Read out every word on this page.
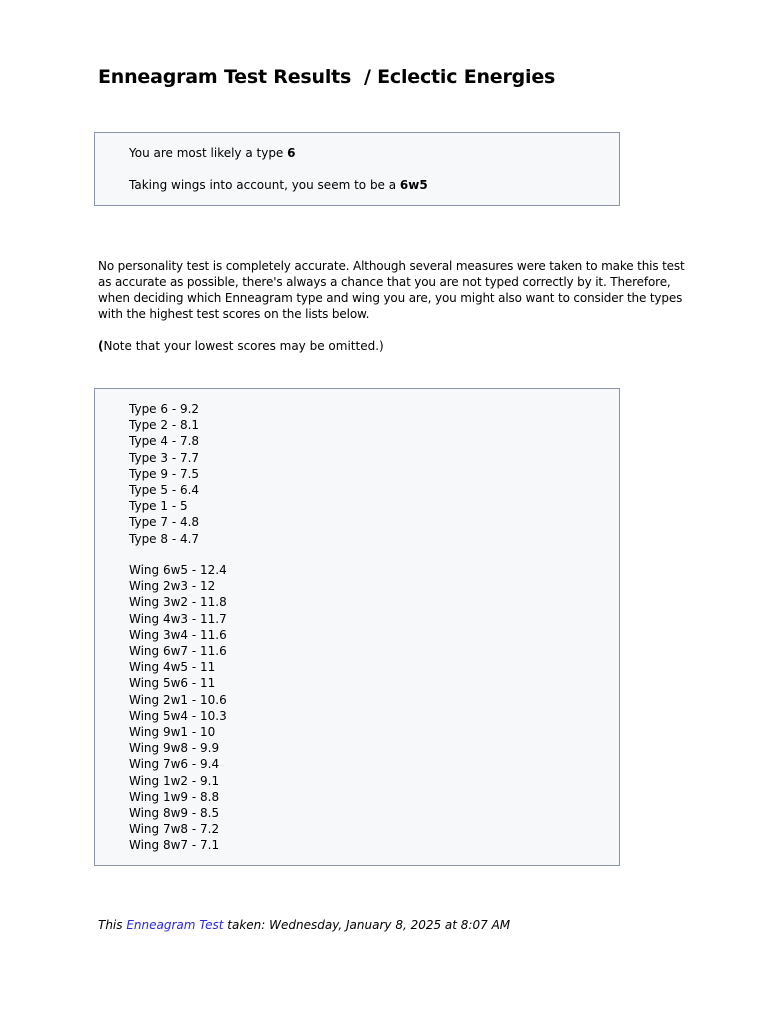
Enneagram Test Results  / Eclectic Energies
You are most likely a type 6
Taking wings into account, you seem to be a 6w5

No personality test is completely accurate. Although several measures were taken to make this test as accurate as possible, there's always a chance that you are not typed correctly by it. Therefore, when deciding which Enneagram type and wing you are, you might also want to consider the types with the highest test scores on the lists below.

(Note that your lowest scores may be omitted.)

Type 6 - 9.2
Type 2 - 8.1
Type 4 - 7.8
Type 3 - 7.7
Type 9 - 7.5
Type 5 - 6.4
Type 1 - 5
Type 7 - 4.8
Type 8 - 4.7
Wing 6w5 - 12.4
Wing 2w3 - 12
Wing 3w2 - 11.8
Wing 4w3 - 11.7
Wing 3w4 - 11.6
Wing 6w7 - 11.6
Wing 4w5 - 11
Wing 5w6 - 11
Wing 2w1 - 10.6
Wing 5w4 - 10.3
Wing 9w1 - 10
Wing 9w8 - 9.9
Wing 7w6 - 9.4
Wing 1w2 - 9.1
Wing 1w9 - 8.8
Wing 8w9 - 8.5
Wing 7w8 - 7.2
Wing 8w7 - 7.1

This Enneagram Test taken: Wednesday, January 8, 2025 at 8:07 AM
